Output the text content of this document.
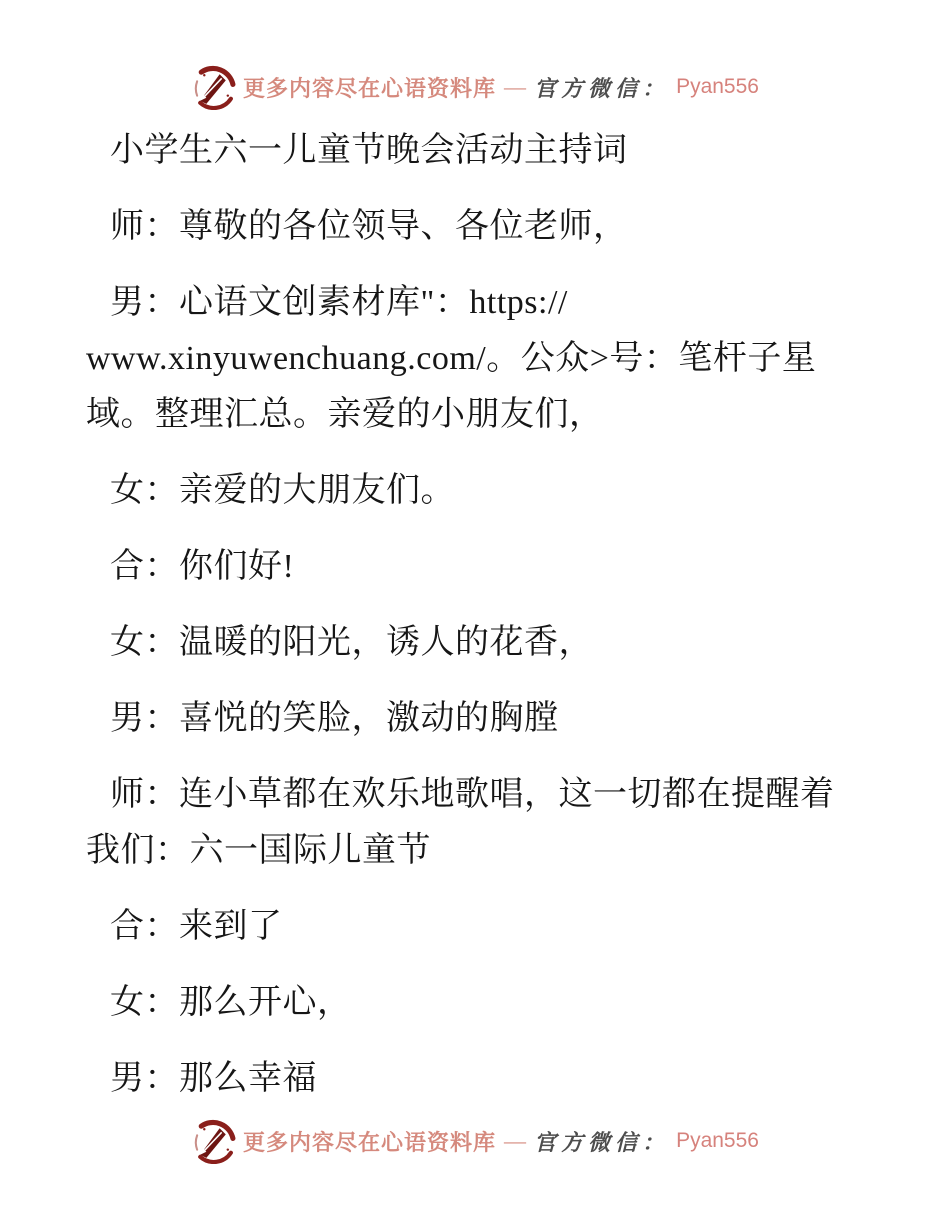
更多内容尽在心语资料库 — 官方微信： Pyan556

小学生六一儿童节晚会活动主持词

师：尊敬的各位领导、各位老师，

男：心语文创素材库"：https://
www.xinyuwenchuang.com/。公众>号：笔杆子星
域。整理汇总。亲爱的小朋友们，

女：亲爱的大朋友们。

合：你们好!

女：温暖的阳光，诱人的花香，

男：喜悦的笑脸，激动的胸膛

师：连小草都在欢乐地歌唱，这一切都在提醒着
我们：六一国际儿童节

合：来到了

女：那么开心，

男：那么幸福

更多内容尽在心语资料库 — 官方微信： Pyan556
